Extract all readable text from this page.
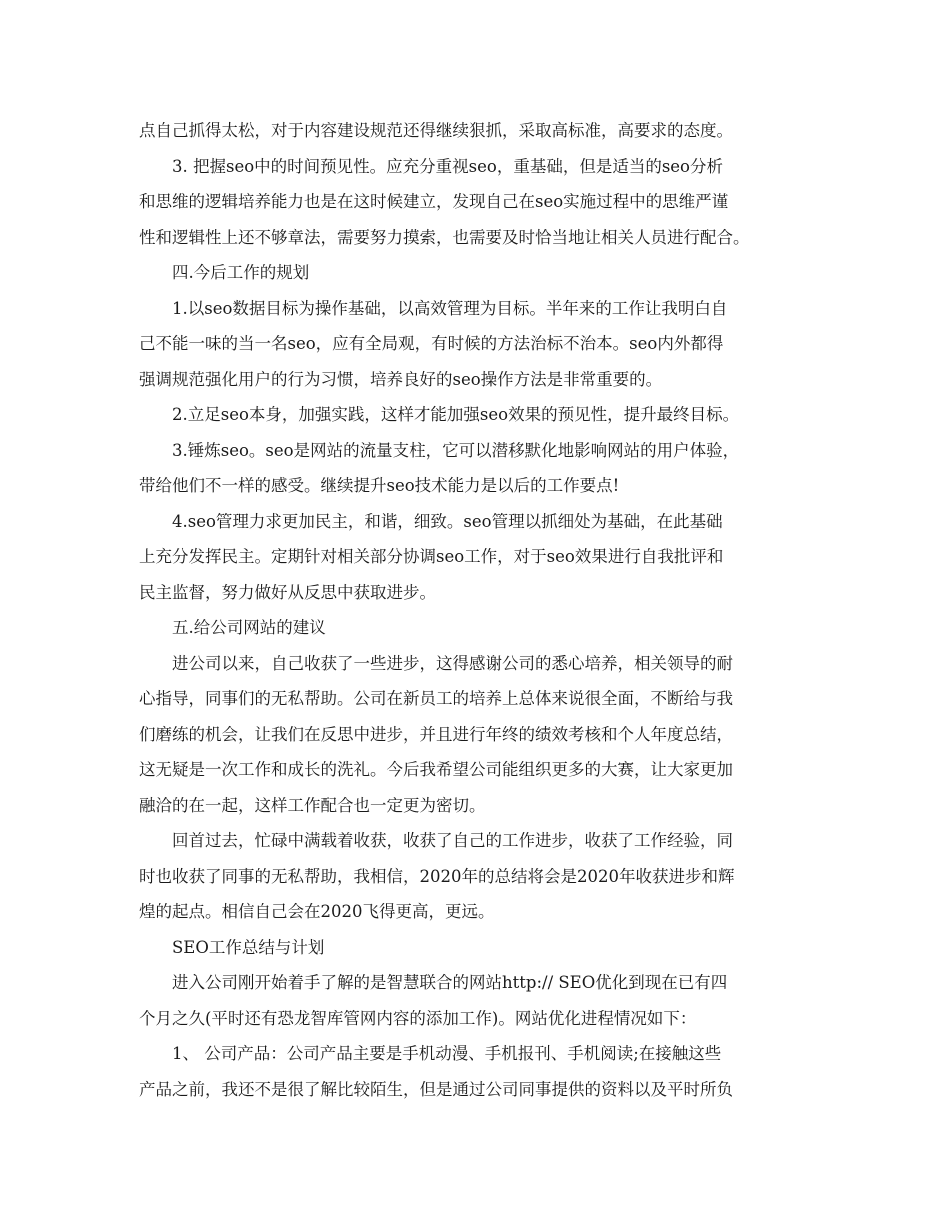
点自己抓得太松，对于内容建设规范还得继续狠抓，采取高标准，高要求的态度。
3. 把握seo中的时间预见性。应充分重视seo，重基础，但是适当的seo分析
和思维的逻辑培养能力也是在这时候建立，发现自己在seo实施过程中的思维严谨
性和逻辑性上还不够章法，需要努力摸索，也需要及时恰当地让相关人员进行配合。
四.今后工作的规划
1.以seo数据目标为操作基础，以高效管理为目标。半年来的工作让我明白自
己不能一味的当一名seo，应有全局观，有时候的方法治标不治本。seo内外都得
强调规范强化用户的行为习惯，培养良好的seo操作方法是非常重要的。
2.立足seo本身，加强实践，这样才能加强seo效果的预见性，提升最终目标。
3.锤炼seo。seo是网站的流量支柱，它可以潜移默化地影响网站的用户体验，
带给他们不一样的感受。继续提升seo技术能力是以后的工作要点!
4.seo管理力求更加民主，和谐，细致。seo管理以抓细处为基础，在此基础
上充分发挥民主。定期针对相关部分协调seo工作，对于seo效果进行自我批评和
民主监督，努力做好从反思中获取进步。
五.给公司网站的建议
进公司以来，自己收获了一些进步，这得感谢公司的悉心培养，相关领导的耐
心指导，同事们的无私帮助。公司在新员工的培养上总体来说很全面，不断给与我
们磨练的机会，让我们在反思中进步，并且进行年终的绩效考核和个人年度总结，
这无疑是一次工作和成长的洗礼。今后我希望公司能组织更多的大赛，让大家更加
融洽的在一起，这样工作配合也一定更为密切。
回首过去，忙碌中满载着收获，收获了自己的工作进步，收获了工作经验，同
时也收获了同事的无私帮助，我相信，2020年的总结将会是2020年收获进步和辉
煌的起点。相信自己会在2020飞得更高，更远。
SEO工作总结与计划
进入公司刚开始着手了解的是智慧联合的网站http:// SEO优化到现在已有四
个月之久(平时还有恐龙智库管网内容的添加工作)。网站优化进程情况如下：
1、 公司产品：公司产品主要是手机动漫、手机报刊、手机阅读;在接触这些
产品之前，我还不是很了解比较陌生，但是通过公司同事提供的资料以及平时所负
